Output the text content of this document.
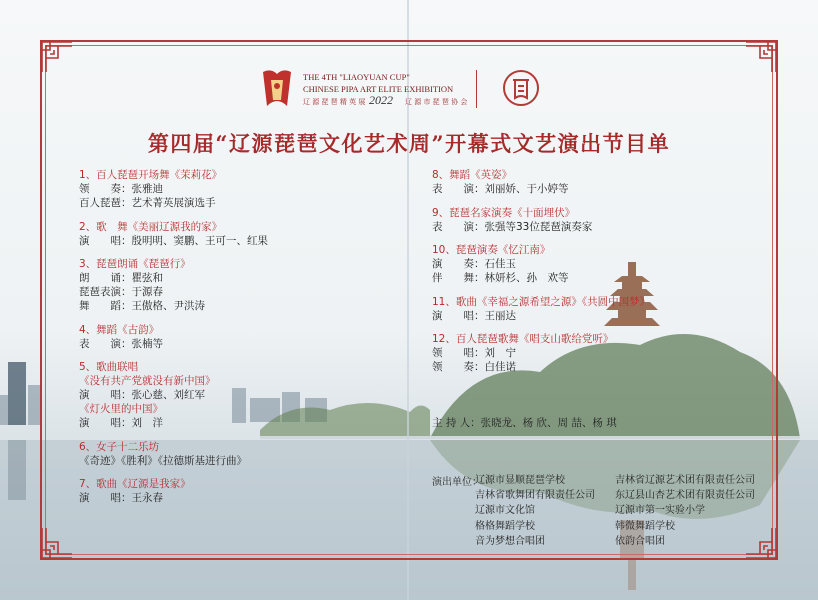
THE 4TH "LIAOYUAN CUP"
CHINESE PIPA ART ELITE EXHIBITION
辽 源 琵 琶 精 英 展 2022 辽 源 市 琵 琶 协 会
第四届“辽源琵琶文化艺术周”开幕式文艺演出节目单
1、百人琵琶开场舞《茉莉花》
领　　奏：张雅迪
百人琵琶：艺术菁英展演选手
2、歌　舞《美丽辽源我的家》
演　　唱：殷明明、窦鹏、王可一、红果
3、琵琶朗诵《琵琶行》
朗　　诵：瞿弦和
琵琶表演：于源春
舞　　蹈：王傲格、尹洪涛
4、舞蹈《古韵》
表　　演：张楠等
5、歌曲联唱
《没有共产党就没有新中国》
演　　唱：张心慈、刘红军
《灯火里的中国》
演　　唱：刘　洋
6、女子十二乐坊
《奇迹》《胜利》《拉德斯基进行曲》
7、歌曲《辽源是我家》
演　　唱：王永春
8、舞蹈《英姿》
表　　演：刘丽娇、于小婷等
9、琵琶名家演奏《十面埋伏》
表　　演：张强等33位琵琶演奏家
10、琵琶演奏《忆江南》
演　　奏：石佳玉
伴　　舞：林妍杉、孙　欢等
11、歌曲《幸福之源希望之源》《共圆中国梦》
演　　唱：王丽达
12、百人琵琶歌舞《唱支山歌给党听》
领　　唱：刘　宁
领　　奏：白佳诺
主 持 人：张晓龙、杨 欣、周 喆、杨 琪
演出单位：
辽源市显顺琵琶学校
吉林省歌舞团有限责任公司
辽源市文化馆
格格舞蹈学校
音为梦想合唱团
吉林省辽源艺术团有限责任公司
东辽县山杏艺术团有限责任公司
辽源市第一实验小学
韩微舞蹈学校
依韵合唱团
